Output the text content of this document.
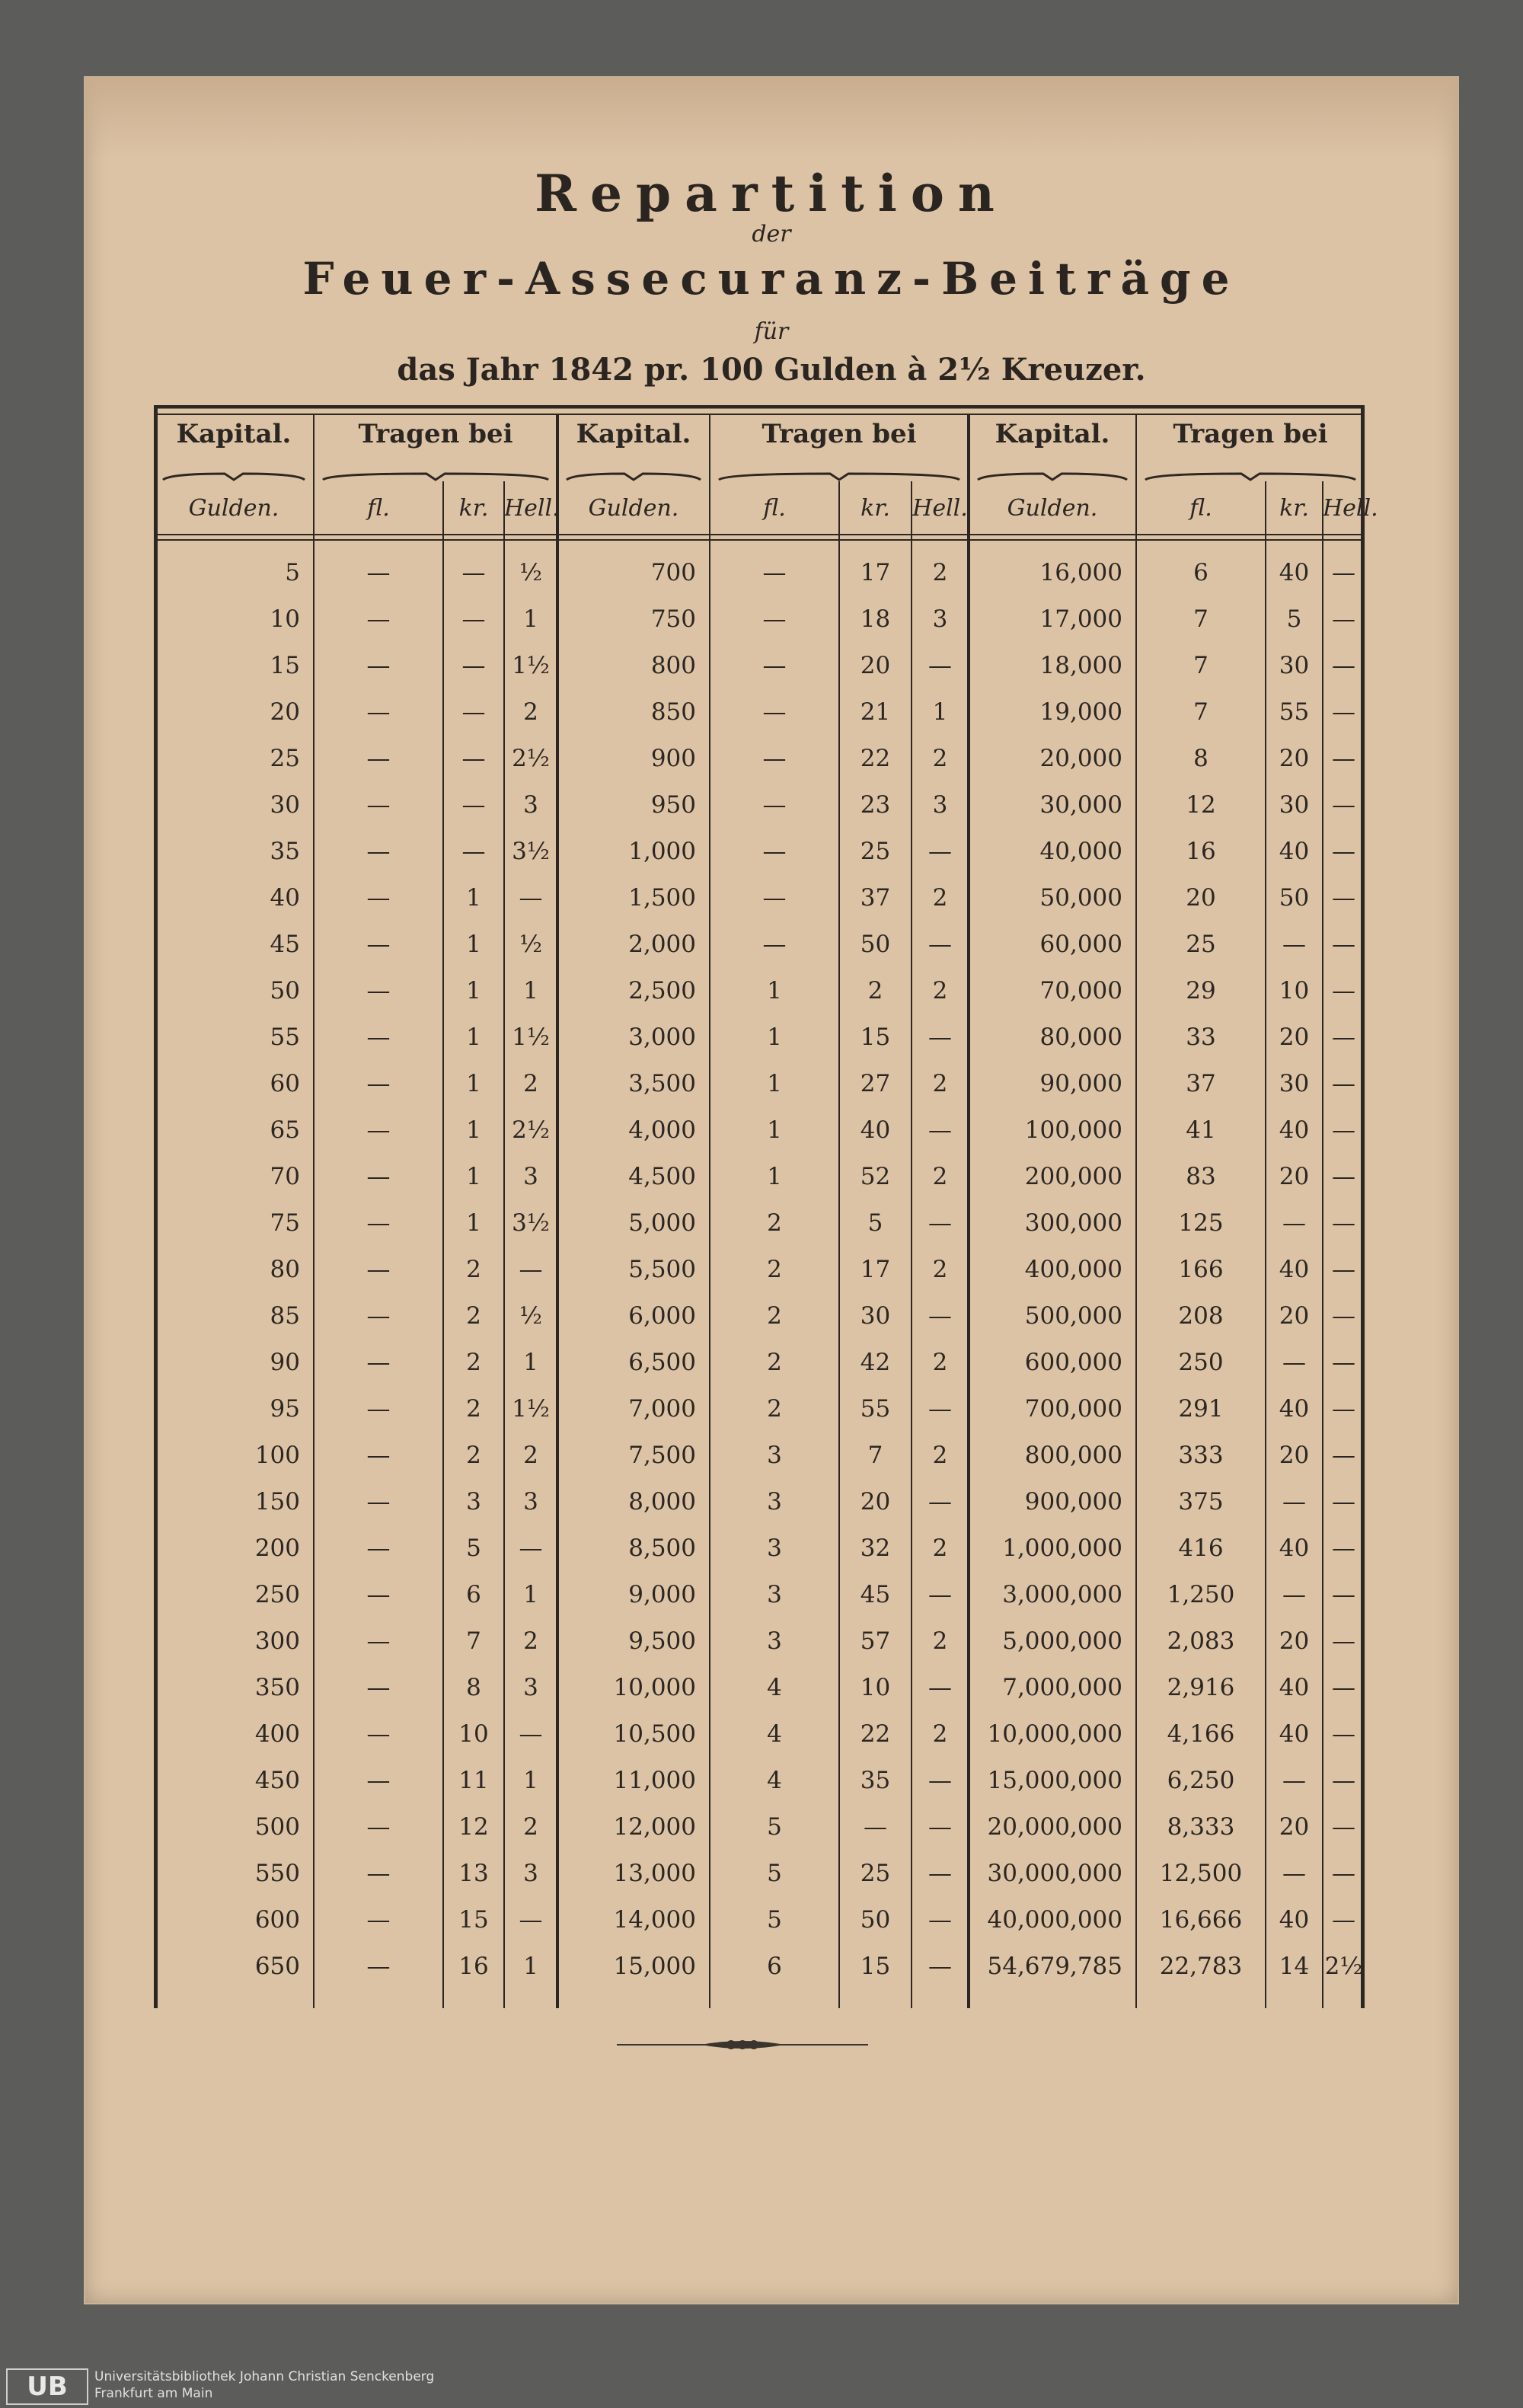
Repartition
der
Feuer-Assecuranz-Beiträge
für
das Jahr 1842 pr. 100 Gulden à 2½ Kreuzer.
Kapital.	Tragen bei
Gulden.	fl.	kr. Hell.
Kapital.	Tragen bei
Gulden.	fl.	kr. Hell.
Kapital.	Tragen bei
Gulden.	fl.	kr. Hell.
5	—	—	½	700	—	17	2	16,000	6	40 —
10	—	—	1	750	—	18	3	17,000	7	5	—
15	—	—	1½	800	—	20	—	18,000	7	30 —
20	—	—	2	850	—	21	1	19,000	7	55 —
25	—	—	2½	900	—	22	2	20,000	8	20 —
30	—	—	3	950	—	23	3	30,000	12	30 —
35	—	—	3½	1,000	—	25	—	40,000	16	40 —
40	—	1	—	1,500	—	37	2	50,000	20	50 —
45	—	1	½	2,000	—	50	—	60,000	25	—	—
50	—	1	1	2,500	1	2	2	70,000	29	10 —
55	—	1	1½	3,000	1	15	—	80,000	33	20 —
60	—	1	2	3,500	1	27	2	90,000	37	30 —
65	—	1	2½	4,000	1	40	—	100,000	41	40 —
70	—	1	3	4,500	1	52	2	200,000	83	20 —
75	—	1	3½	5,000	2	5	—	300,000	125	—	—
80	—	2	—	5,500	2	17	2	400,000	166	40 —
85	—	2	½	6,000	2	30	—	500,000	208	20 —
90	—	2	1	6,500	2	42	2	600,000	250	—	—
95	—	2	1½	7,000	2	55	—	700,000	291	40 —
100	—	2	2	7,500	3	7	2	800,000	333	20 —
150	—	3	3	8,000	3	20	—	900,000	375	—	—
200	—	5	—	8,500	3	32	2	1,000,000	416	40 —
250	—	6	1	9,000	3	45	—	3,000,000	1,250	—	—
300	—	7	2	9,500	3	57	2	5,000,000	2,083	20 —
350	—	8	3	10,000	4	10	—	7,000,000	2,916	40 —
400	—	10	—	10,500	4	22	2	10,000,000	4,166	40 —
450	—	11	1	11,000	4	35	—	15,000,000	6,250	—	—
500	—	12	2	12,000	5	—	—	20,000,000	8,333	20 —
550	—	13	3	13,000	5	25	—	30,000,000	12,500	—	—
600	—	15	—	14,000	5	50	—	40,000,000	16,666	40 —
650	—	16	1	15,000	6	15	—	54,679,785	22,783	14 2½
UB	Universitätsbibliothek Johann Christian Senckenberg
Frankfurt am Main
